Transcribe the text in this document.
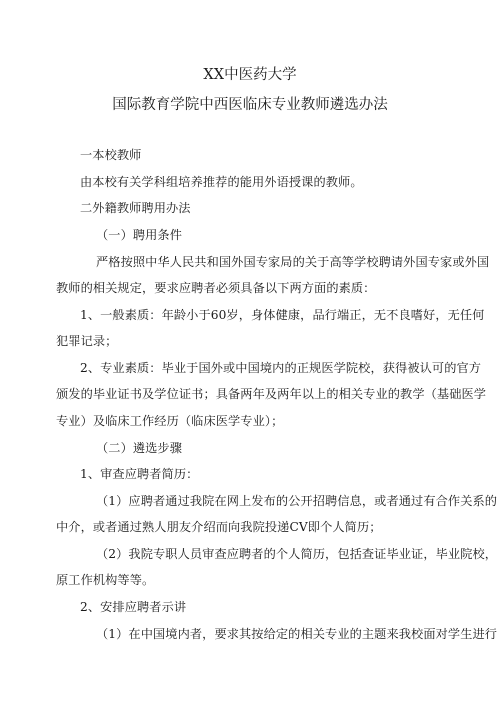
XX中医药大学
国际教育学院中西医临床专业教师遴选办法
一本校教师
由本校有关学科组培养推荐的能用外语授课的教师。
二外籍教师聘用办法
（一）聘用条件
严格按照中华人民共和国外国专家局的关于高等学校聘请外国专家或外国
教师的相关规定，要求应聘者必须具备以下两方面的素质：
1、一般素质：年龄小于60岁，身体健康，品行端正，无不良嗜好，无任何
犯罪记录；
2、专业素质：毕业于国外或中国境内的正规医学院校，获得被认可的官方
颁发的毕业证书及学位证书；具备两年及两年以上的相关专业的教学（基础医学
专业）及临床工作经历（临床医学专业）；
（二）遴选步骤
1、审查应聘者简历：
（1）应聘者通过我院在网上发布的公开招聘信息，或者通过有合作关系的
中介，或者通过熟人朋友介绍而向我院投递CV即个人简历；
（2）我院专职人员审查应聘者的个人简历，包括查证毕业证，毕业院校，
原工作机构等等。
2、安排应聘者示讲
（1）在中国境内者，要求其按给定的相关专业的主题来我校面对学生进行
